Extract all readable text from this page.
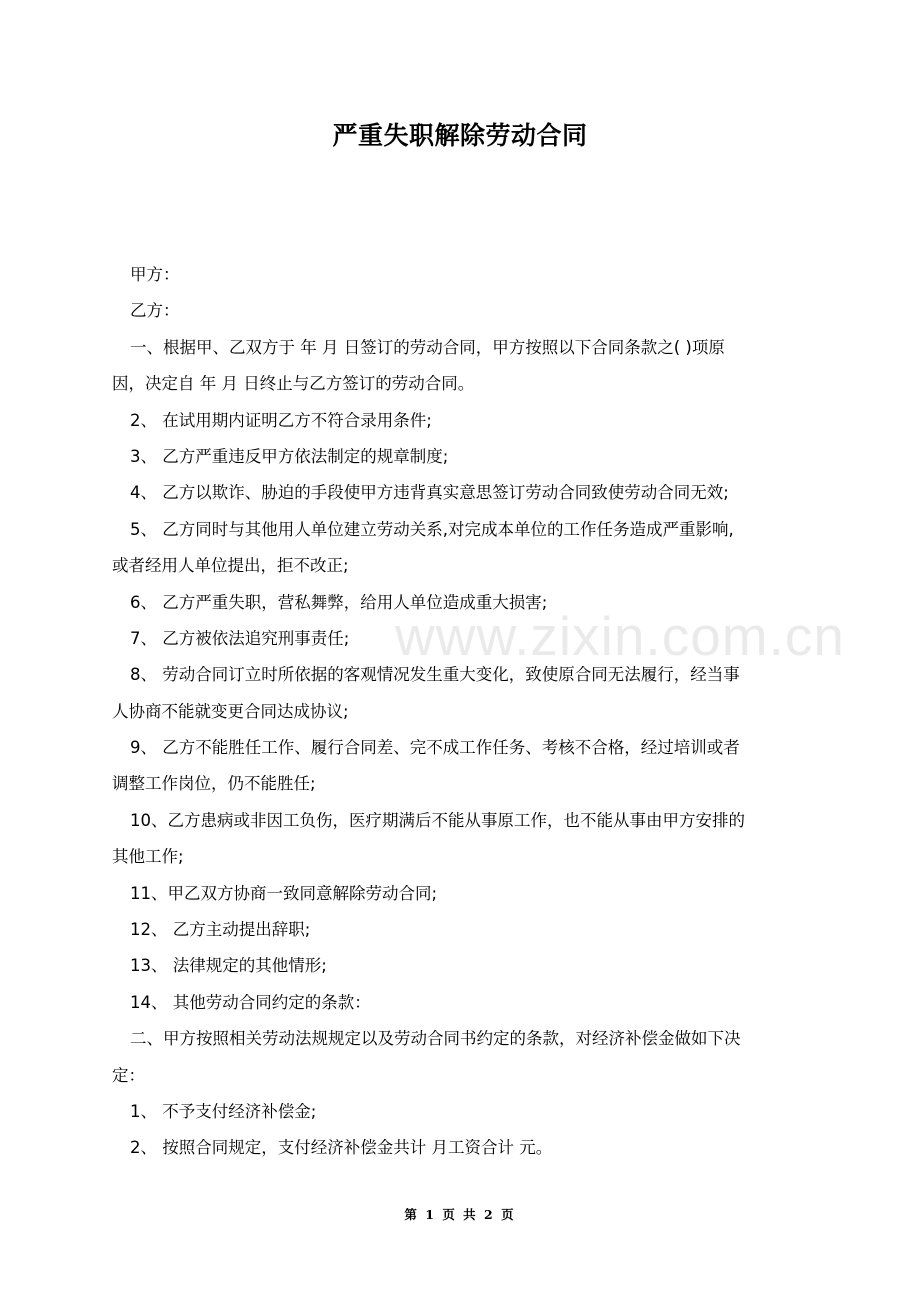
严重失职解除劳动合同
甲方：
乙方：
一、根据甲、乙双方于 年 月 日签订的劳动合同，甲方按照以下合同条款之( )项原
因，决定自 年 月 日终止与乙方签订的劳动合同。
2、 在试用期内证明乙方不符合录用条件;
3、 乙方严重违反甲方依法制定的规章制度;
4、 乙方以欺诈、胁迫的手段使甲方违背真实意思签订劳动合同致使劳动合同无效;
5、 乙方同时与其他用人单位建立劳动关系,对完成本单位的工作任务造成严重影响,
或者经用人单位提出，拒不改正;
6、 乙方严重失职，营私舞弊，给用人单位造成重大损害;
7、 乙方被依法追究刑事责任;
8、 劳动合同订立时所依据的客观情况发生重大变化，致使原合同无法履行，经当事
人协商不能就变更合同达成协议;
9、 乙方不能胜任工作、履行合同差、完不成工作任务、考核不合格，经过培训或者
调整工作岗位，仍不能胜任;
10、乙方患病或非因工负伤，医疗期满后不能从事原工作，也不能从事由甲方安排的
其他工作;
11、甲乙双方协商一致同意解除劳动合同;
12、 乙方主动提出辞职;
13、 法律规定的其他情形;
14、 其他劳动合同约定的条款：
二、甲方按照相关劳动法规规定以及劳动合同书约定的条款，对经济补偿金做如下决
定：
1、 不予支付经济补偿金;
2、 按照合同规定，支付经济补偿金共计 月工资合计 元。
www.zixin.com.cn
第 1 页 共 2 页
